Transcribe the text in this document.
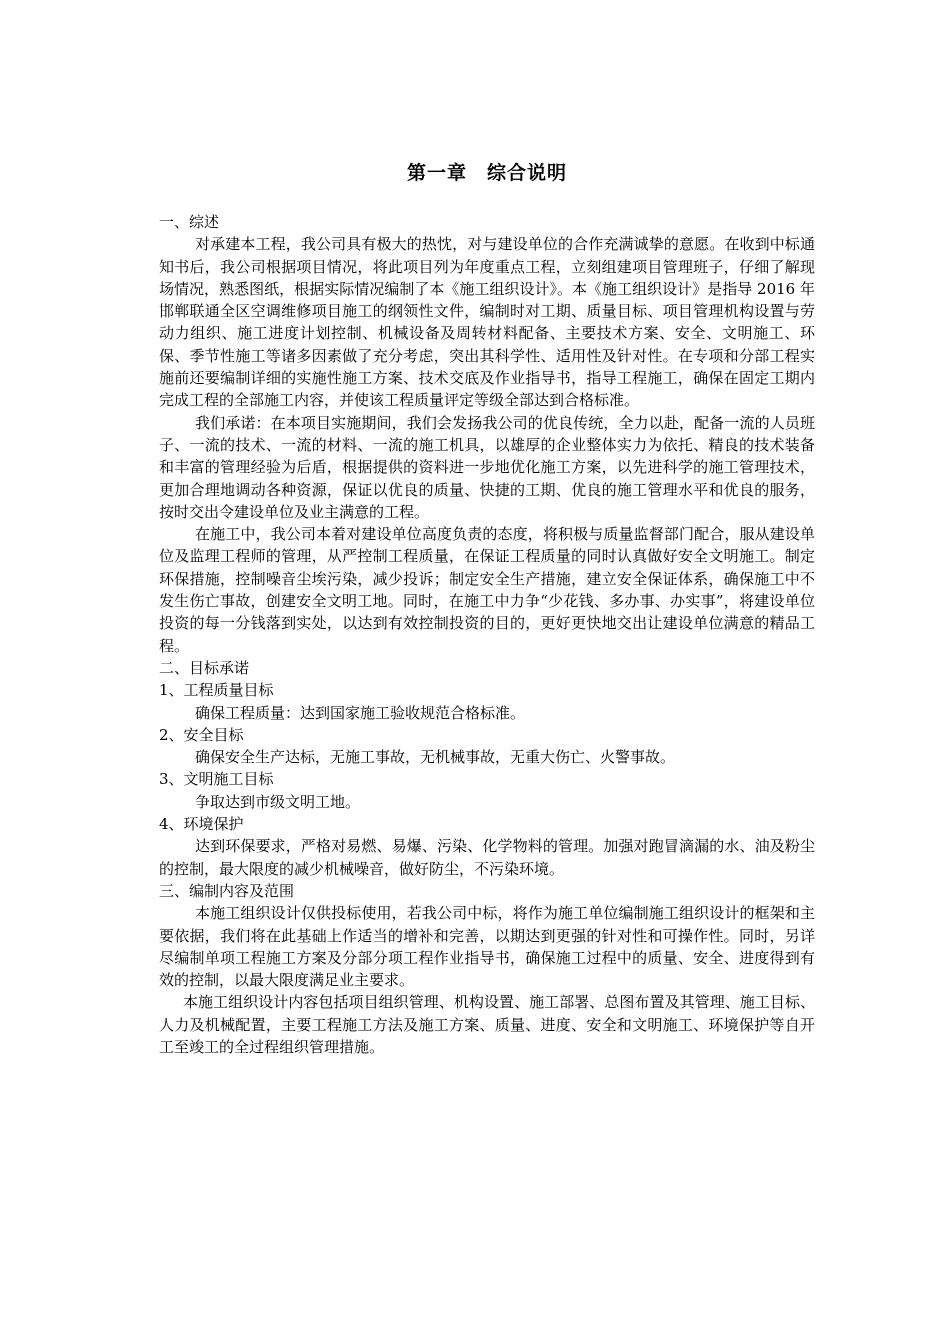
第一章 综合说明

一、综述

对承建本工程，我公司具有极大的热忱，对与建设单位的合作充满诚挚的意愿。在收到中标通知书后，我公司根据项目情况，将此项目列为年度重点工程，立刻组建项目管理班子，仔细了解现场情况，熟悉图纸，根据实际情况编制了本《施工组织设计》。本《施工组织设计》是指导 2016 年邯郸联通全区空调维修项目施工的纲领性文件，编制时对工期、质量目标、项目管理机构设置与劳动力组织、施工进度计划控制、机械设备及周转材料配备、主要技术方案、安全、文明施工、环保、季节性施工等诸多因素做了充分考虑，突出其科学性、适用性及针对性。在专项和分部工程实施前还要编制详细的实施性施工方案、技术交底及作业指导书，指导工程施工，确保在固定工期内完成工程的全部施工内容，并使该工程质量评定等级全部达到合格标准。

我们承诺：在本项目实施期间，我们会发扬我公司的优良传统，全力以赴，配备一流的人员班子、一流的技术、一流的材料、一流的施工机具，以雄厚的企业整体实力为依托、精良的技术装备和丰富的管理经验为后盾，根据提供的资料进一步地优化施工方案，以先进科学的施工管理技术，更加合理地调动各种资源，保证以优良的质量、快捷的工期、优良的施工管理水平和优良的服务，按时交出令建设单位及业主满意的工程。

在施工中，我公司本着对建设单位高度负责的态度，将积极与质量监督部门配合，服从建设单位及监理工程师的管理，从严控制工程质量，在保证工程质量的同时认真做好安全文明施工。制定环保措施，控制噪音尘埃污染，减少投诉；制定安全生产措施，建立安全保证体系，确保施工中不发生伤亡事故，创建安全文明工地。同时，在施工中力争“少花钱、多办事、办实事”，将建设单位投资的每一分钱落到实处，以达到有效控制投资的目的，更好更快地交出让建设单位满意的精品工程。

二、目标承诺

1、工程质量目标

确保工程质量：达到国家施工验收规范合格标准。

2、安全目标

确保安全生产达标，无施工事故，无机械事故，无重大伤亡、火警事故。

3、文明施工目标

争取达到市级文明工地。

4、环境保护

达到环保要求，严格对易燃、易爆、污染、化学物料的管理。加强对跑冒滴漏的水、油及粉尘的控制，最大限度的减少机械噪音，做好防尘，不污染环境。

三、编制内容及范围

本施工组织设计仅供投标使用，若我公司中标，将作为施工单位编制施工组织设计的框架和主要依据，我们将在此基础上作适当的增补和完善，以期达到更强的针对性和可操作性。同时，另详尽编制单项工程施工方案及分部分项工程作业指导书，确保施工过程中的质量、安全、进度得到有效的控制，以最大限度满足业主要求。

本施工组织设计内容包括项目组织管理、机构设置、施工部署、总图布置及其管理、施工目标、人力及机械配置，主要工程施工方法及施工方案、质量、进度、安全和文明施工、环境保护等自开工至竣工的全过程组织管理措施。
